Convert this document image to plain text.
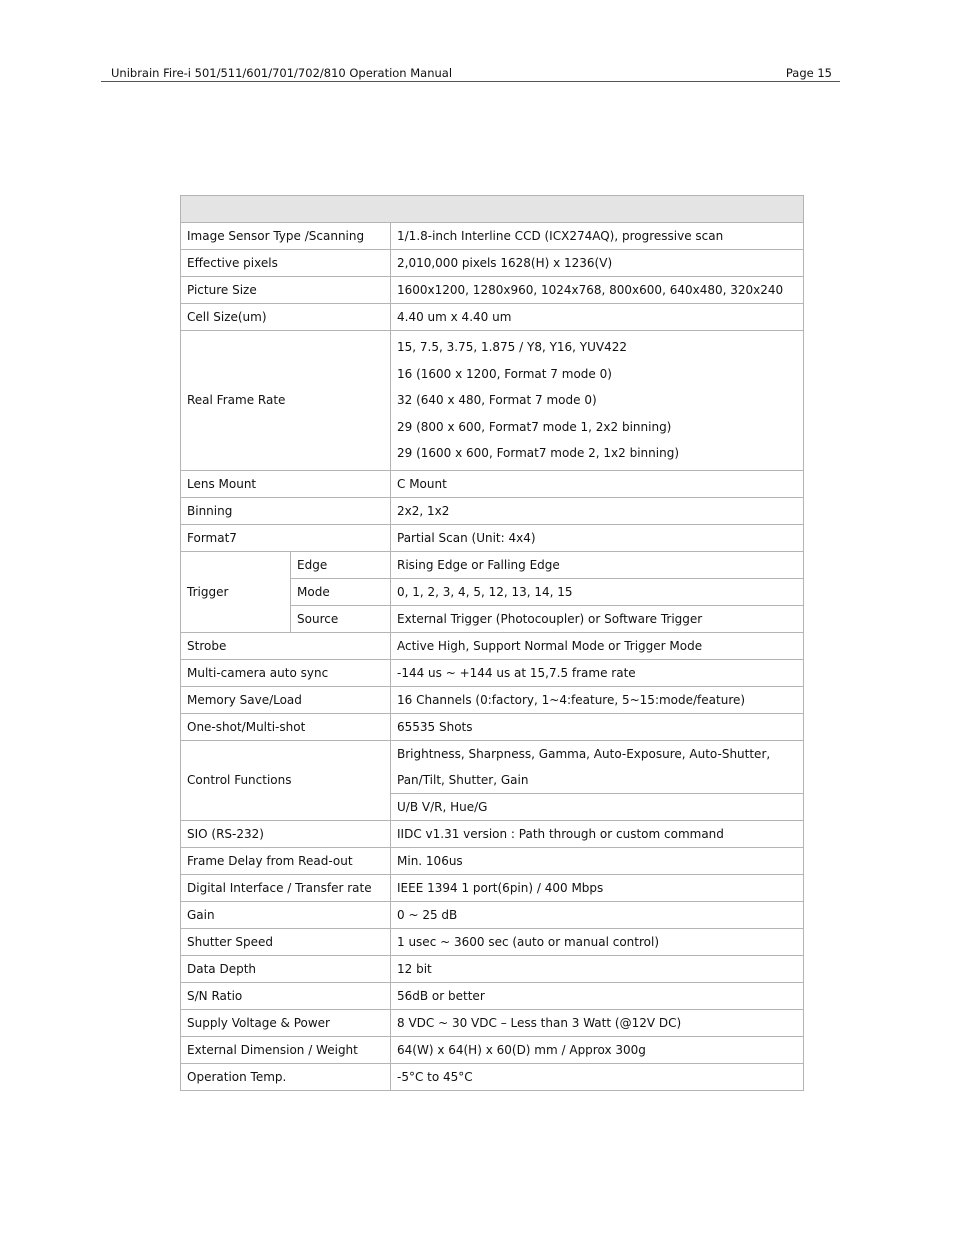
Unibrain Fire-i 501/511/601/701/702/810 Operation Manual	Page 15

Image Sensor Type /Scanning		1/1.8-inch Interline CCD (ICX274AQ), progressive scan
Effective pixels		2,010,000 pixels 1628(H) x 1236(V)
Picture Size		1600x1200, 1280x960, 1024x768, 800x600, 640x480, 320x240
Cell Size(um)		4.40 um x 4.40 um
Real Frame Rate		15, 7.5, 3.75, 1.875 / Y8, Y16, YUV422
16 (1600 x 1200, Format 7 mode 0)
32 (640 x 480, Format 7 mode 0)
29 (800 x 600, Format7 mode 1, 2x2 binning)
29 (1600 x 600, Format7 mode 2, 1x2 binning)

Lens Mount		C Mount
Binning		2x2, 1x2
Format7		Partial Scan (Unit: 4x4)
Trigger	Edge	Rising Edge or Falling Edge
	Mode	0, 1, 2, 3, 4, 5, 12, 13, 14, 15
	Source	External Trigger (Photocoupler) or Software Trigger
Strobe		Active High, Support Normal Mode or Trigger Mode
Multi-camera auto sync		-144 us ~ +144 us at 15,7.5 frame rate
Memory Save/Load		16 Channels (0:factory, 1~4:feature, 5~15:mode/feature)
One-shot/Multi-shot		65535 Shots
Control Functions		Brightness, Sharpness, Gamma, Auto-Exposure, Auto-Shutter, Pan/Tilt, Shutter, Gain
		U/B V/R, Hue/G
SIO (RS-232)		IIDC v1.31 version : Path through or custom command
Frame Delay from Read-out		Min. 106us
Digital Interface / Transfer rate		IEEE 1394 1 port(6pin) / 400 Mbps
Gain		0 ~ 25 dB
Shutter Speed		1 usec ~ 3600 sec (auto or manual control)
Data Depth		12 bit
S/N Ratio		56dB or better
Supply Voltage & Power		8 VDC ~ 30 VDC – Less than 3 Watt (@12V DC)
External Dimension / Weight		64(W) x 64(H) x 60(D) mm / Approx 300g
Operation Temp.		-5°C to 45°C
